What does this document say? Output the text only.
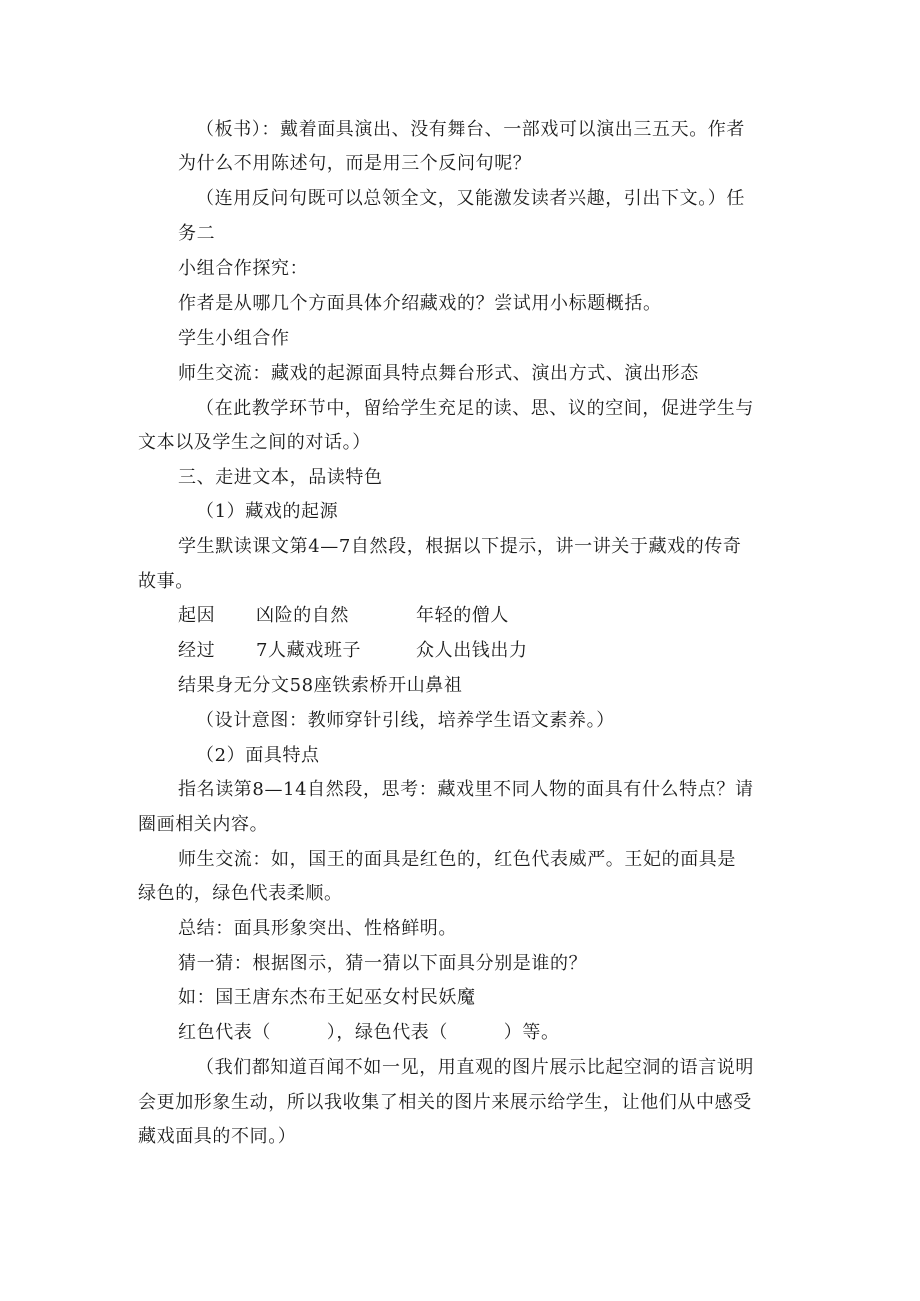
（板书）：戴着面具演出、没有舞台、一部戏可以演出三五天。作者
为什么不用陈述句，而是用三个反问句呢？
（连用反问句既可以总领全文，又能激发读者兴趣，引出下文。）任
务二
小组合作探究：
作者是从哪几个方面具体介绍藏戏的？尝试用小标题概括。
学生小组合作
师生交流：藏戏的起源面具特点舞台形式、演出方式、演出形态
（在此教学环节中，留给学生充足的读、思、议的空间，促进学生与
文本以及学生之间的对话。）
三、走进文本，品读特色
（1）藏戏的起源
学生默读课文第4—7自然段，根据以下提示，讲一讲关于藏戏的传奇
故事。
起因 凶险的自然	年轻的僧人
经过 7人藏戏班子	众人出钱出力
结果身无分文58座铁索桥开山鼻祖
（设计意图：教师穿针引线，培养学生语文素养。）
（2）面具特点
指名读第8—14自然段，思考：藏戏里不同人物的面具有什么特点？请
圈画相关内容。
师生交流：如，国王的面具是红色的，红色代表威严。王妃的面具是
绿色的，绿色代表柔顺。
总结：面具形象突出、性格鲜明。
猜一猜：根据图示，猜一猜以下面具分别是谁的？
如：国王唐东杰布王妃巫女村民妖魔
红色代表（　　　），绿色代表（　　　）等。
（我们都知道百闻不如一见，用直观的图片展示比起空洞的语言说明
会更加形象生动，所以我收集了相关的图片来展示给学生，让他们从中感受
藏戏面具的不同。）
